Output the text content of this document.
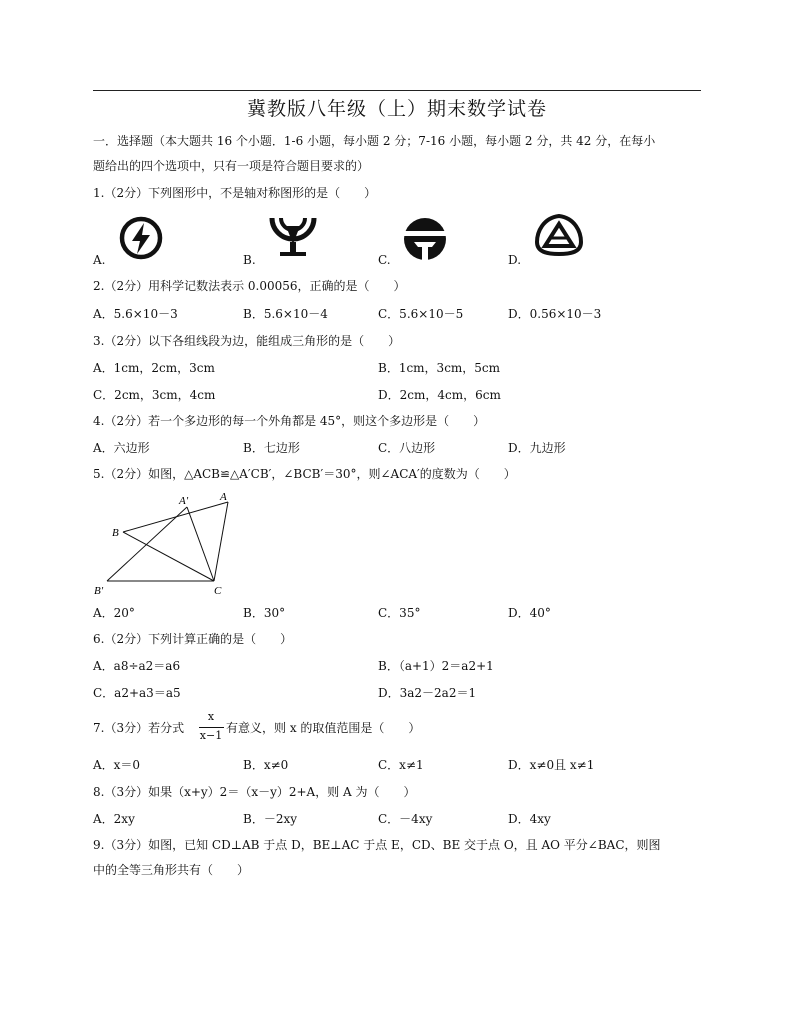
冀教版八年级（上）期末数学试卷
一．选择题（本大题共 16 个小题．1-6 小题，每小题 2 分；7-16 小题，每小题 2 分，共 42 分，在每小
题给出的四个选项中，只有一项是符合题目要求的）
1.（2分）下列图形中，不是轴对称图形的是（　　）
A.	B.	C.	D.
2.（2分）用科学记数法表示 0.00056，正确的是（　　）
A．5.6×10－3	B．5.6×10－4	C．5.6×10－5	D．0.56×10－3
3.（2分）以下各组线段为边，能组成三角形的是（　　）
A．1cm，2cm，3cm	B．1cm，3cm，5cm
C．2cm，3cm，4cm	D．2cm，4cm，6cm
4.（2分）若一个多边形的每一个外角都是 45°，则这个多边形是（　　）
A．六边形	B．七边形	C．八边形	D．九边形
5.（2分）如图，△ACB≌△A′CB′，∠BCB′＝30°，则∠ACA′的度数为（　　）
A′	A
B
B′	C
A．20°	B．30°	C．35°	D．40°
6.（2分）下列计算正确的是（　　）
A．a8÷a2＝a6	B．（a+1）2＝a2+1
C．a2+a3＝a5	D．3a2－2a2＝1
7.（3分）若分式
x
x−1
有意义，则 x 的取值范围是（　　）
A．x＝0	B．x≠0	C．x≠1	D．x≠0且 x≠1
8.（3分）如果（x+y）2＝（x－y）2+A，则 A 为（　　）
A．2xy	B．－2xy	C．－4xy	D．4xy
9.（3分）如图，已知 CD⊥AB 于点 D，BE⊥AC 于点 E，CD、BE 交于点 O，且 AO 平分∠BAC，则图
中的全等三角形共有（　　）
